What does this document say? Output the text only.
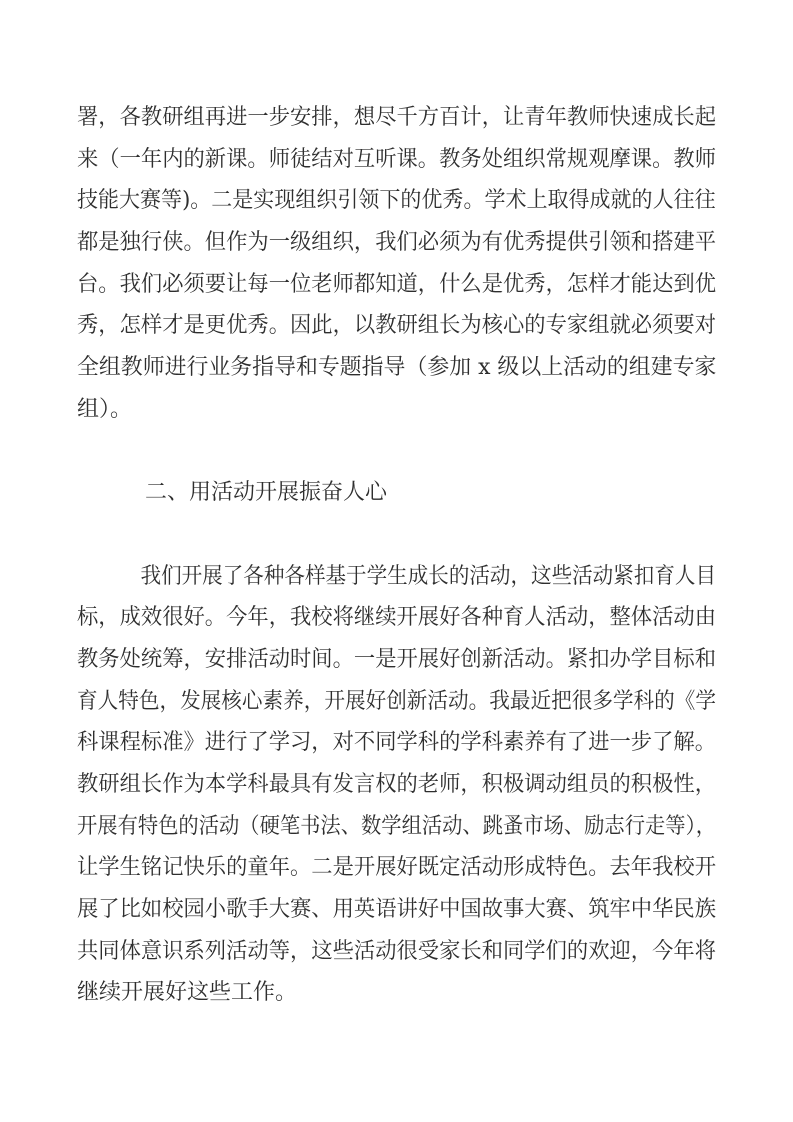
署，各教研组再进一步安排，想尽千方百计，让青年教师快速成长起
来（一年内的新课。师徒结对互听课。教务处组织常规观摩课。教师
技能大赛等)。二是实现组织引领下的优秀。学术上取得成就的人往往
都是独行侠。但作为一级组织，我们必须为有优秀提供引领和搭建平
台。我们必须要让每一位老师都知道，什么是优秀，怎样才能达到优
秀，怎样才是更优秀。因此，以教研组长为核心的专家组就必须要对
全组教师进行业务指导和专题指导（参加 x 级以上活动的组建专家
组）。
二、用活动开展振奋人心
我们开展了各种各样基于学生成长的活动，这些活动紧扣育人目
标，成效很好。今年，我校将继续开展好各种育人活动，整体活动由
教务处统筹，安排活动时间。一是开展好创新活动。紧扣办学目标和
育人特色，发展核心素养，开展好创新活动。我最近把很多学科的《学
科课程标准》进行了学习，对不同学科的学科素养有了进一步了解。
教研组长作为本学科最具有发言权的老师，积极调动组员的积极性，
开展有特色的活动（硬笔书法、数学组活动、跳蚤市场、励志行走等），
让学生铭记快乐的童年。二是开展好既定活动形成特色。去年我校开
展了比如校园小歌手大赛、用英语讲好中国故事大赛、筑牢中华民族
共同体意识系列活动等，这些活动很受家长和同学们的欢迎，今年将
继续开展好这些工作。
